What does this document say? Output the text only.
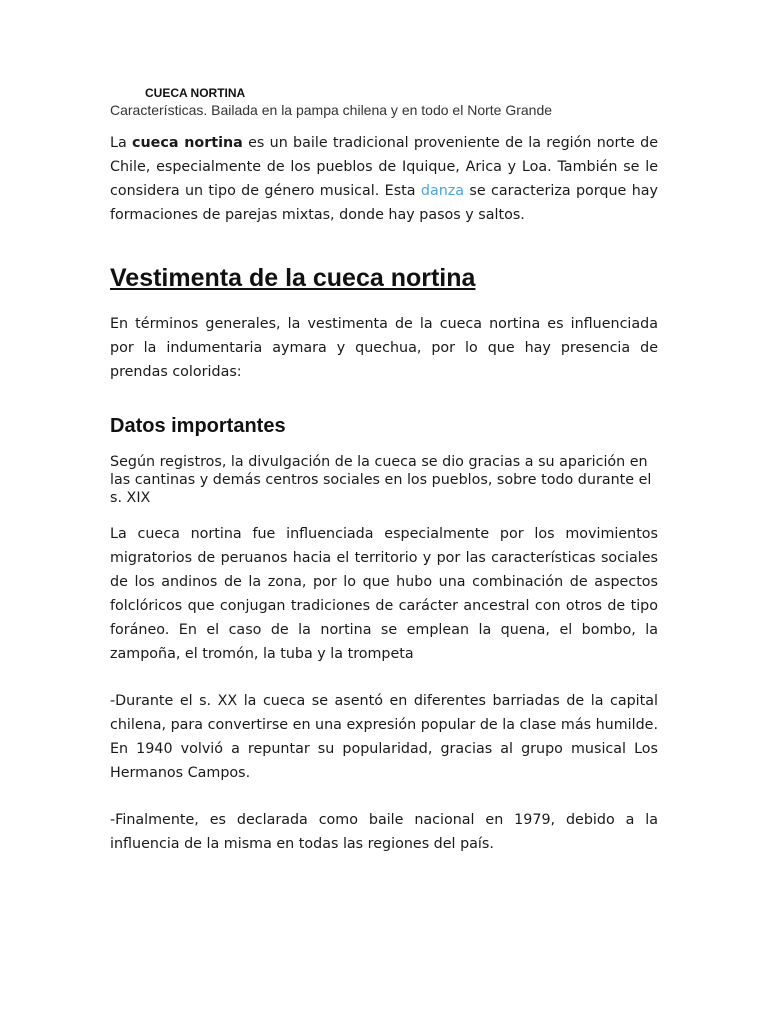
CUECA NORTINA
Características. Bailada en la pampa chilena y en todo el Norte Grande

La cueca nortina es un baile tradicional proveniente de la región norte de Chile, especialmente de los pueblos de Iquique, Arica y Loa. También se le considera un tipo de género musical. Esta danza se caracteriza porque hay formaciones de parejas mixtas, donde hay pasos y saltos.

Vestimenta de la cueca nortina

En términos generales, la vestimenta de la cueca nortina es influenciada por la indumentaria aymara y quechua, por lo que hay presencia de prendas coloridas:

Datos importantes

Según registros, la divulgación de la cueca se dio gracias a su aparición en las cantinas y demás centros sociales en los pueblos, sobre todo durante el s. XIX

La cueca nortina fue influenciada especialmente por los movimientos migratorios de peruanos hacia el territorio y por las características sociales de los andinos de la zona, por lo que hubo una combinación de aspectos folclóricos que conjugan tradiciones de carácter ancestral con otros de tipo foráneo. En el caso de la nortina se emplean la quena, el bombo, la zampoña, el tromón, la tuba y la trompeta

-Durante el s. XX la cueca se asentó en diferentes barriadas de la capital chilena, para convertirse en una expresión popular de la clase más humilde. En 1940 volvió a repuntar su popularidad, gracias al grupo musical Los Hermanos Campos.

-Finalmente, es declarada como baile nacional en 1979, debido a la influencia de la misma en todas las regiones del país.
